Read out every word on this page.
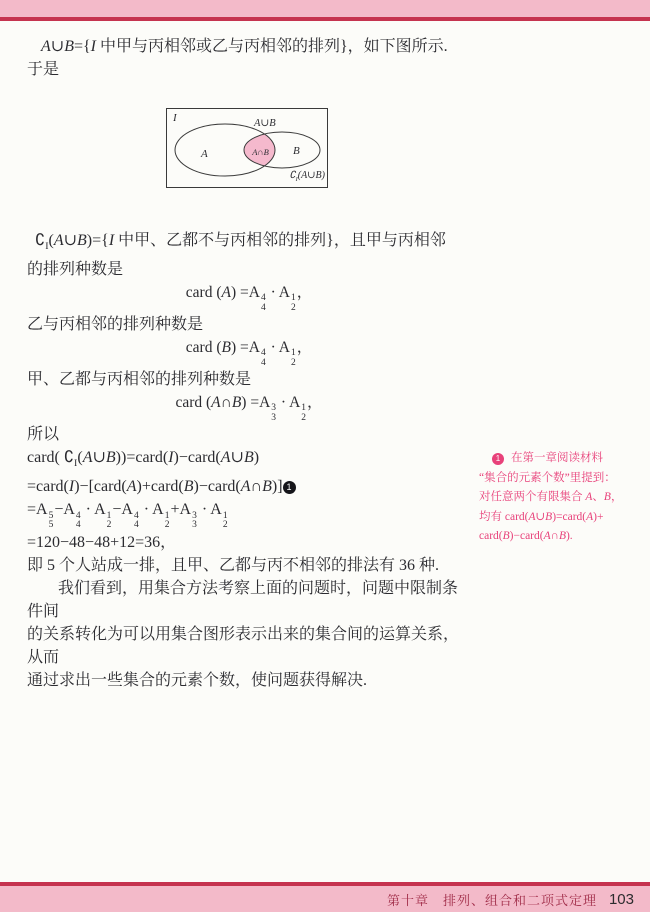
A∪B={I 中甲与丙相邻或乙与丙相邻的排列}，如下图所示.

于是

I	A∪B
A	A∩B	B
$∁_I(A\cup B)$

$∁_I(A\cup B)=\{I$ 中甲、乙都不与丙相邻的排列}，且甲与丙相邻

的排列种数是

card (A) =A 4
4
· A 1
2
，

乙与丙相邻的排列种数是

card (B) =A 4
4
· A 1
2
，

甲、乙都与丙相邻的排列种数是

card (A∩B) =A 3
3
· A 1
2
，

所以

card( $∁_I(A\cup B))=card(I)-card(A\cup B)$

=card(I)−[card(A)+card(B)−card(A∩B)] 1

=A 5
5
−A 4
4
· A 1
2
−A 4
4
· A 1
2
+A 3
3
· A 1
2

=120−48−48+12=36，

即 5 个人站成一排，且甲、乙都与丙不相邻的排法有 36 种.

我们看到，用集合方法考察上面的问题时，问题中限制条件间

的关系转化为可以用集合图形表示出来的集合间的运算关系，从而

通过求出一些集合的元素个数，使问题获得解决.

1 在第一章阅读材料

“集合的元素个数”里提到：

对任意两个有限集合 A、B，

均有 card(A∪B)=card(A)+

card(B)−card(A∩B).

第十章　排列、组合和二项式定理 103
